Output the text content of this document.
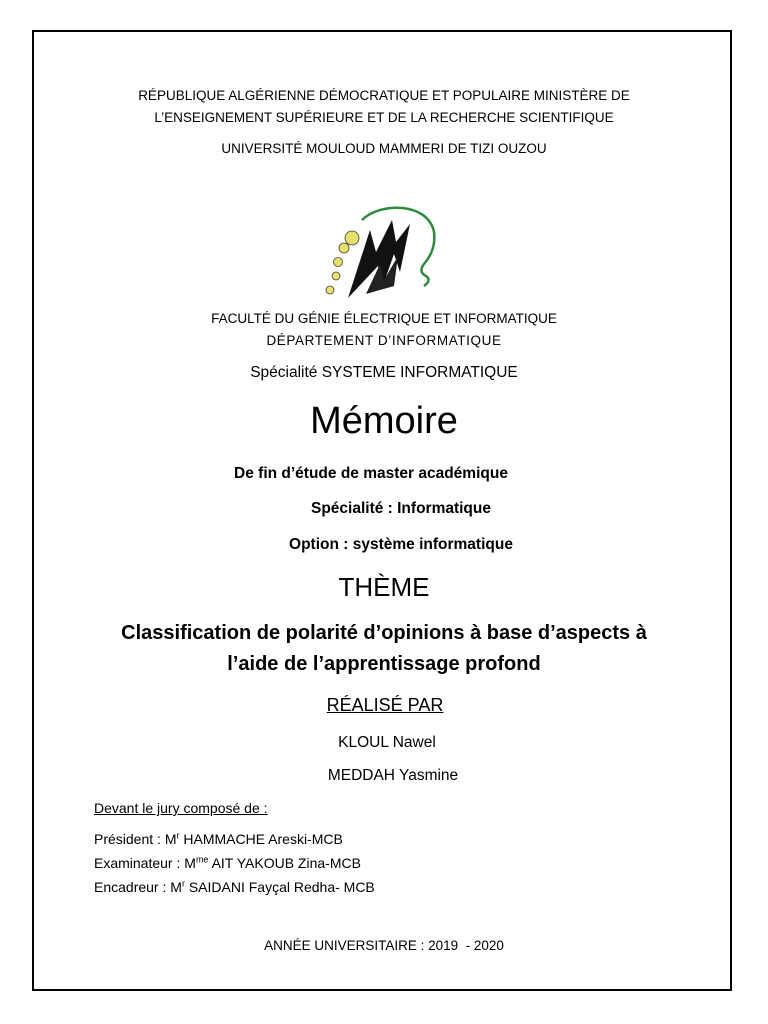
RÉPUBLIQUE ALGÉRIENNE DÉMOCRATIQUE ET POPULAIRE MINISTÈRE DE
L’ENSEIGNEMENT SUPÉRIEURE ET DE LA RECHERCHE SCIENTIFIQUE
UNIVERSITÉ MOULOUD MAMMERI DE TIZI OUZOU
FACULTÉ DU GÉNIE ÉLECTRIQUE ET INFORMATIQUE
DÉPARTEMENT D’INFORMATIQUE
Spécialité SYSTEME INFORMATIQUE
Mémoire
De fin d’étude de master académique
Spécialité : Informatique
Option : système informatique
THÈME
Classification de polarité d’opinions à base d’aspects à
l’aide de l’apprentissage profond
RÉALISÉ PAR
KLOUL Nawel
MEDDAH Yasmine
Devant le jury composé de :
Président : $M^r$ HAMMACHE Areski-MCB
Examinateur : $M^{me}$ AIT YAKOUB Zina-MCB
Encadreur : $M^r$ SAIDANI Fayçal Redha- MCB
ANNÉE UNIVERSITAIRE : 2019  - 2020
